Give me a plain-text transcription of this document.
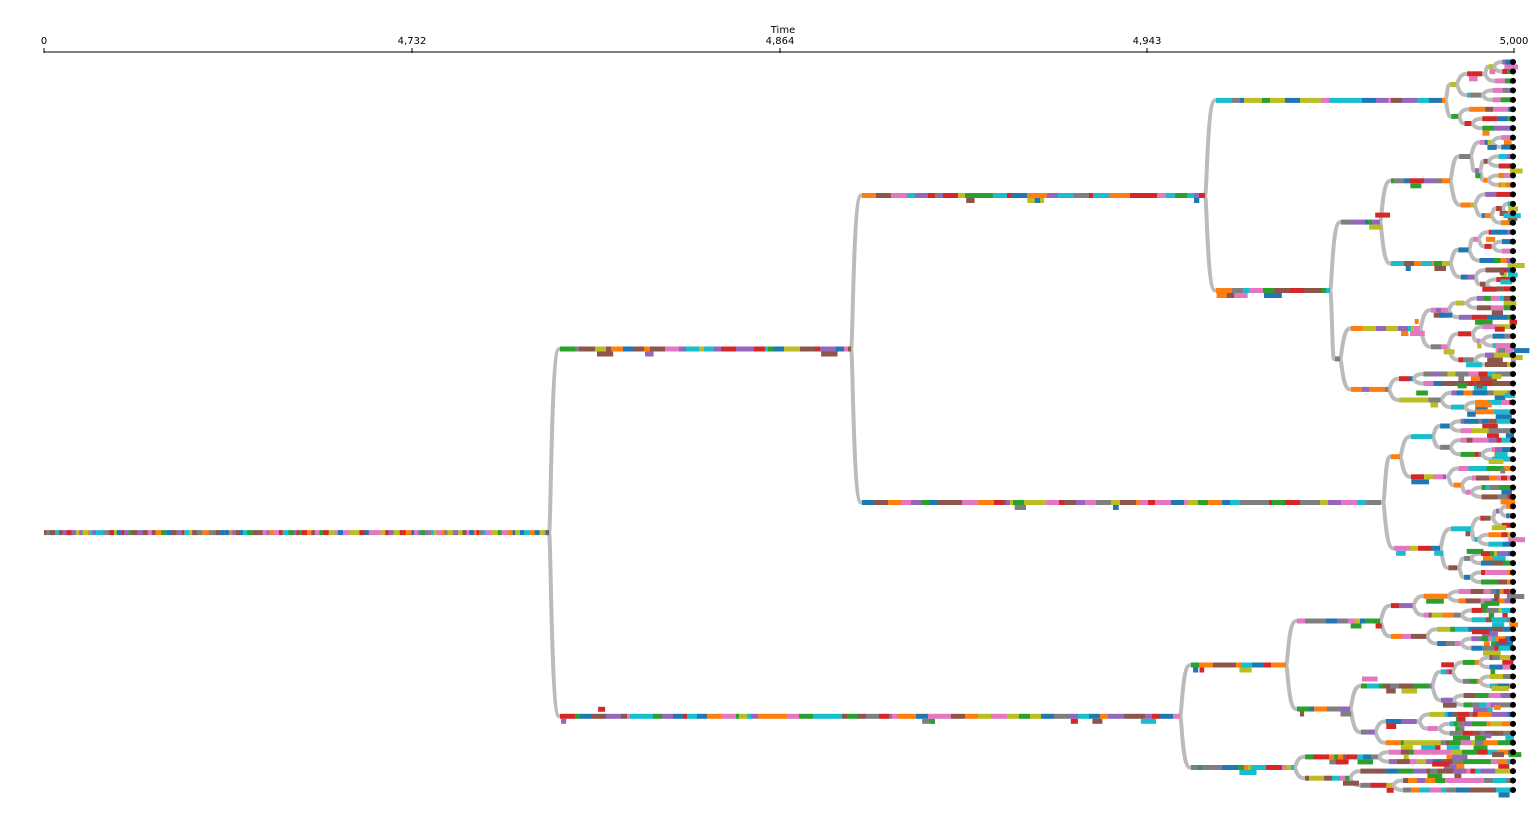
Time
0	4,732	4,864	4,943	5,000
